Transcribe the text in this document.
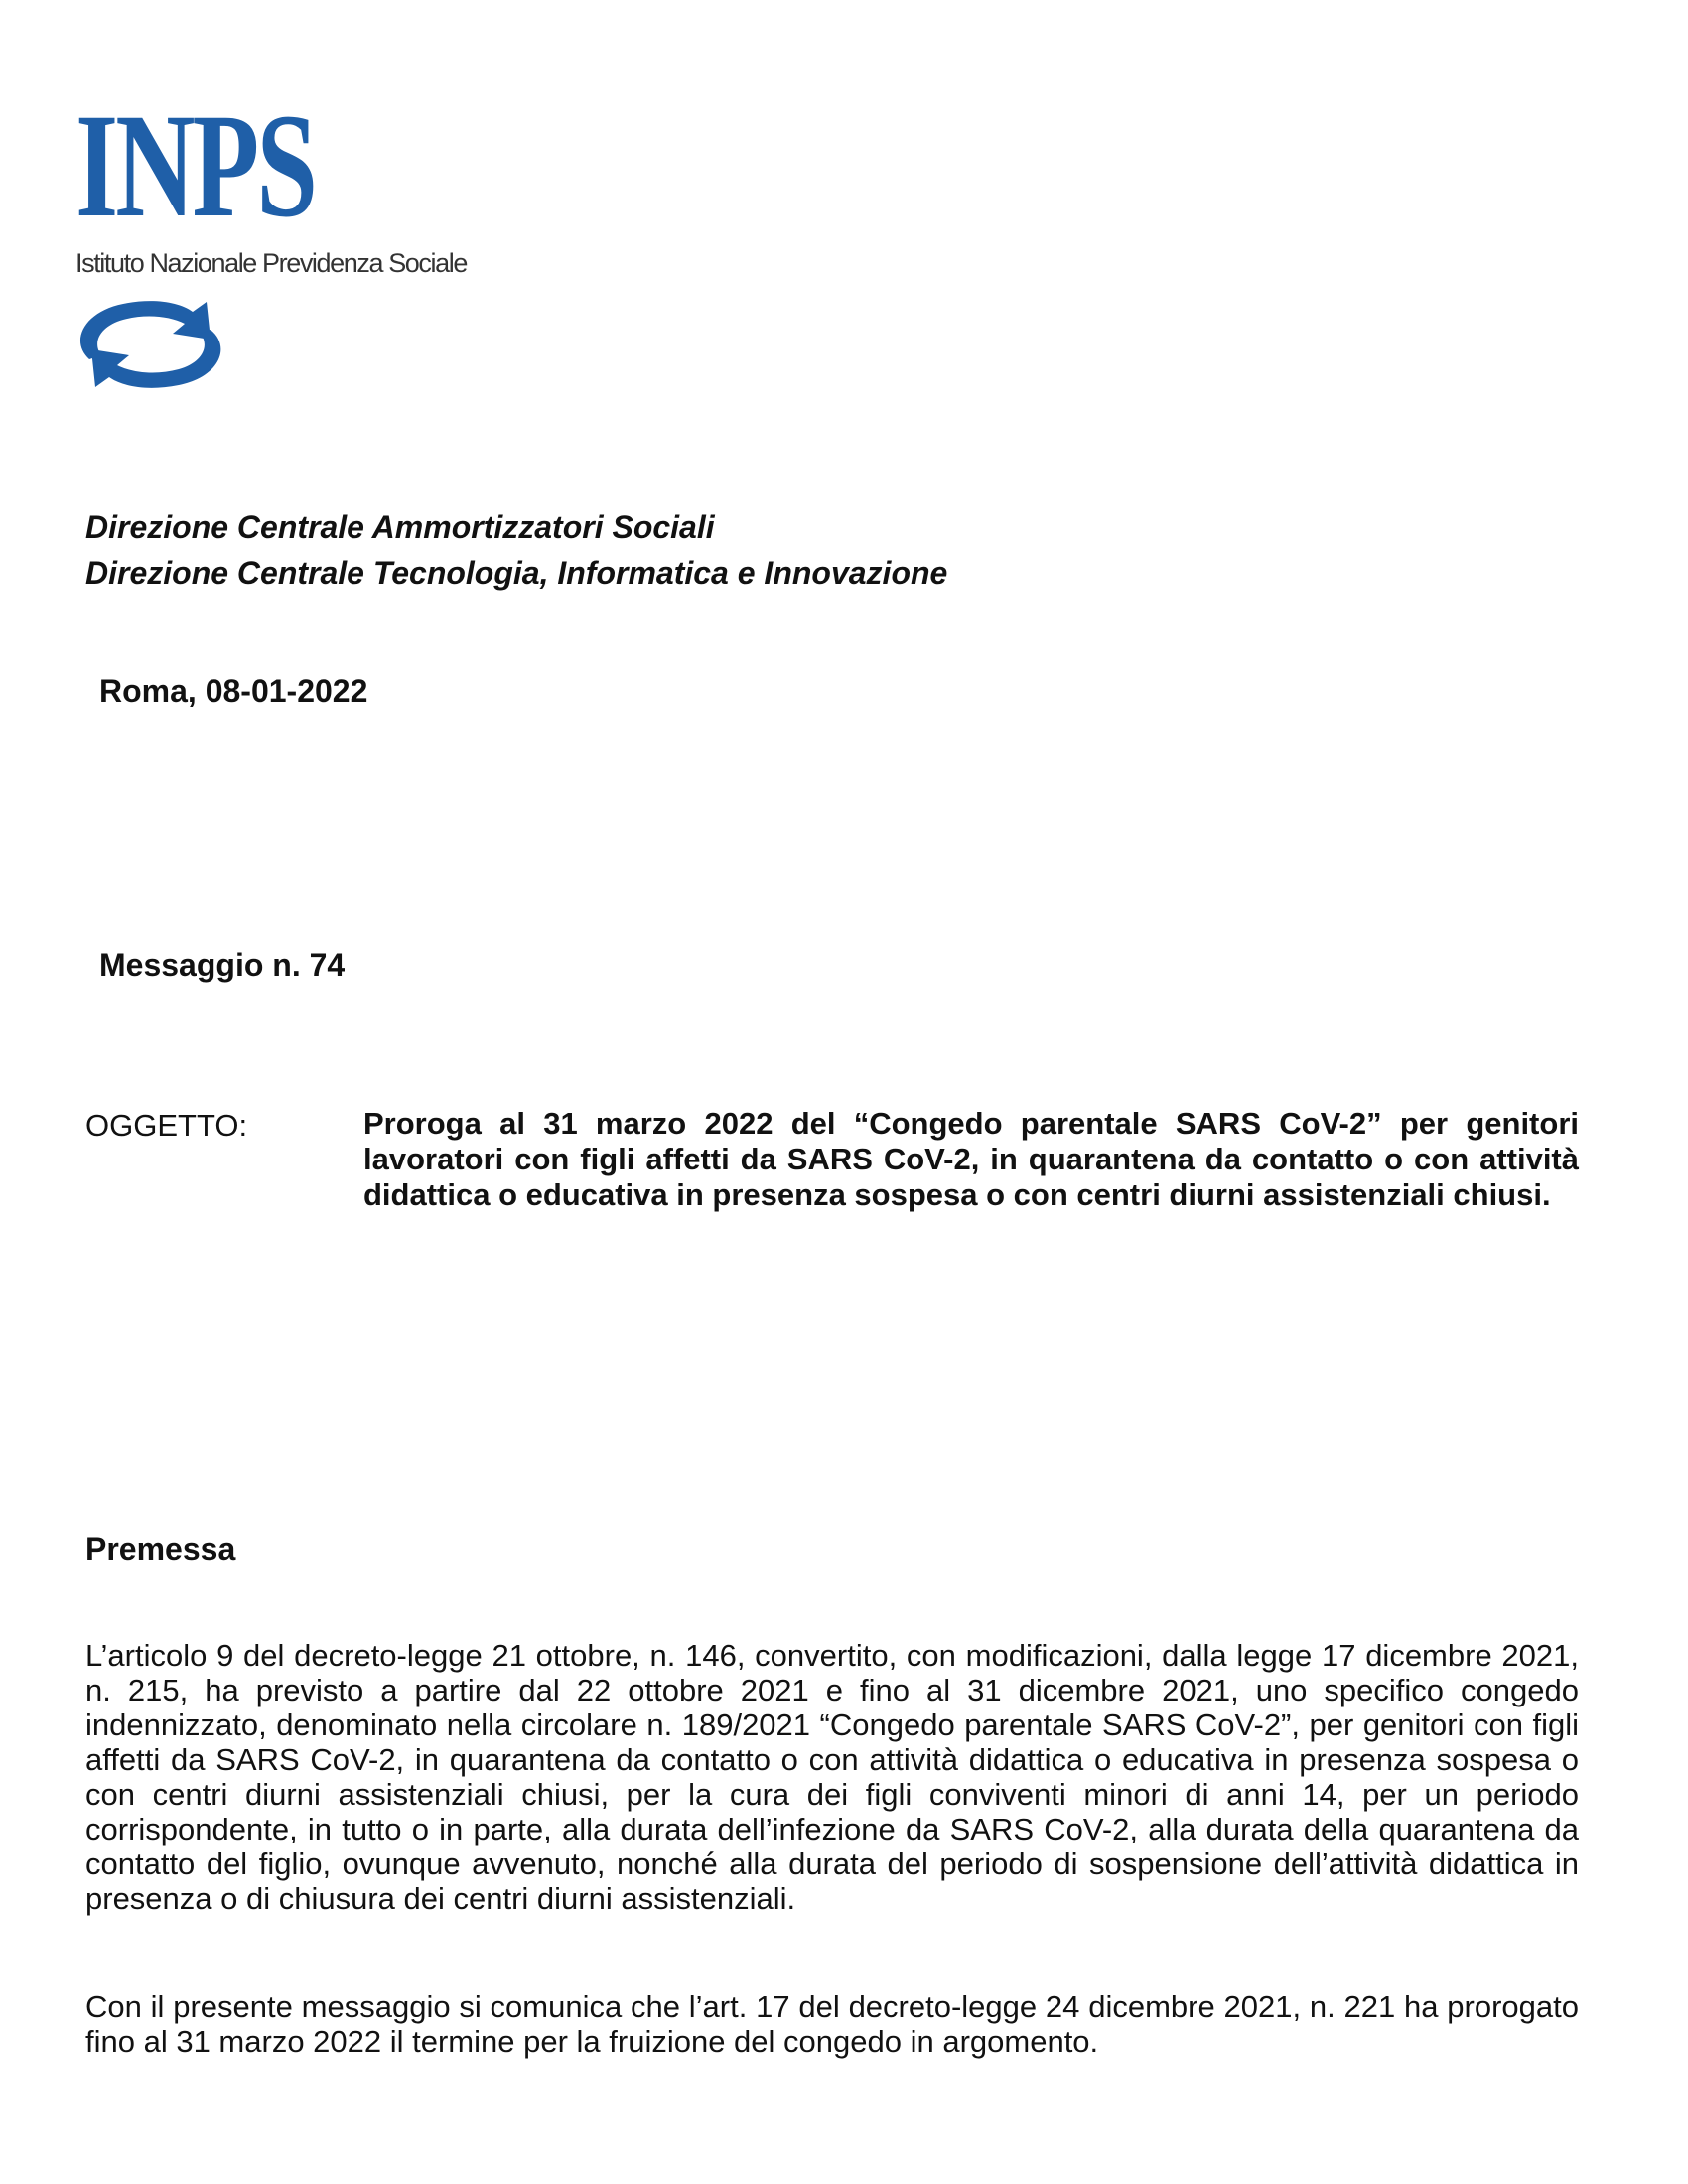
INPS
Istituto Nazionale Previdenza Sociale
Direzione Centrale Ammortizzatori Sociali
Direzione Centrale Tecnologia, Informatica e Innovazione
Roma, 08-01-2022
Messaggio n. 74
OGGETTO:	Proroga al 31 marzo 2022 del “Congedo parentale SARS CoV-2” per genitori lavoratori con figli affetti da SARS CoV-2, in quarantena da contatto o con attività didattica o educativa in presenza sospesa o con centri diurni assistenziali chiusi.
Premessa

L’articolo 9 del decreto-legge 21 ottobre, n. 146, convertito, con modificazioni, dalla legge 17 dicembre 2021, n. 215, ha previsto a partire dal 22 ottobre 2021 e fino al 31 dicembre 2021, uno specifico congedo indennizzato, denominato nella circolare n. 189/2021 “Congedo parentale SARS CoV-2”, per genitori con figli affetti da SARS CoV-2, in quarantena da contatto o con attività didattica o educativa in presenza sospesa o con centri diurni assistenziali chiusi, per la cura dei figli conviventi minori di anni 14, per un periodo corrispondente, in tutto o in parte, alla durata dell’infezione da SARS CoV-2, alla durata della quarantena da contatto del figlio, ovunque avvenuto, nonché alla durata del periodo di sospensione dell’attività didattica in presenza o di chiusura dei centri diurni assistenziali.

Con il presente messaggio si comunica che l’art. 17 del decreto-legge 24 dicembre 2021, n. 221 ha prorogato fino al 31 marzo 2022 il termine per la fruizione del congedo in argomento.
